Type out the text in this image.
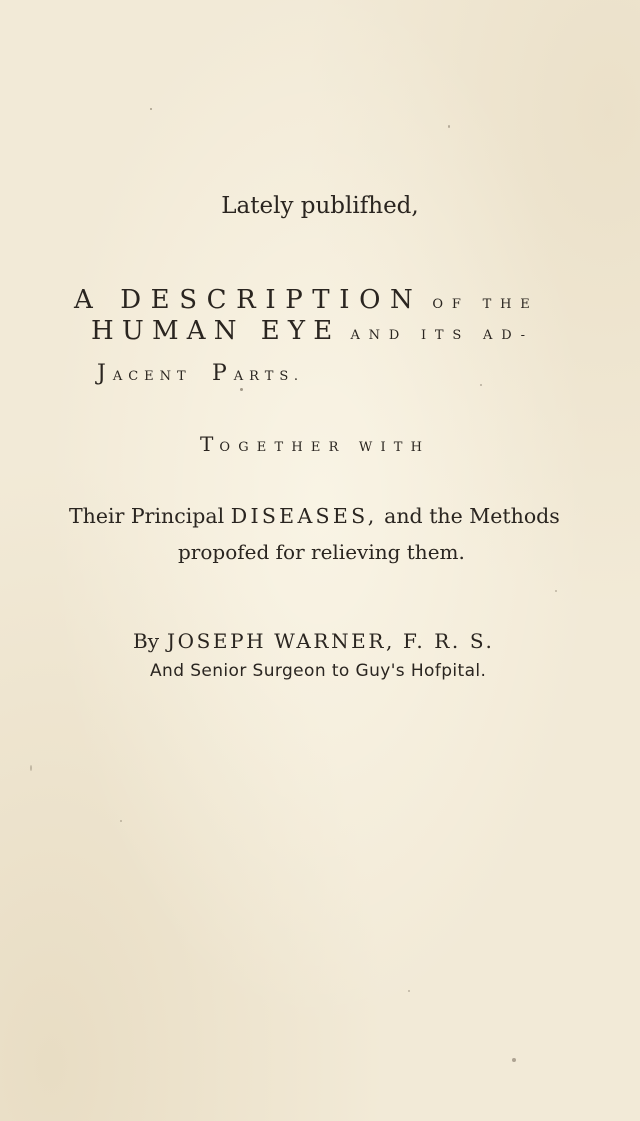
Lately publifhed,
A DESCRIPTION OF THE
HUMAN EYE AND ITS AD-
JACENT PARTS.
TOGETHER WITH
Their Principal DISEASES, and the Methods
propofed for relieving them.
By JOSEPH WARNER, F. R. S.
And Senior Surgeon to Guy's Hofpital.
